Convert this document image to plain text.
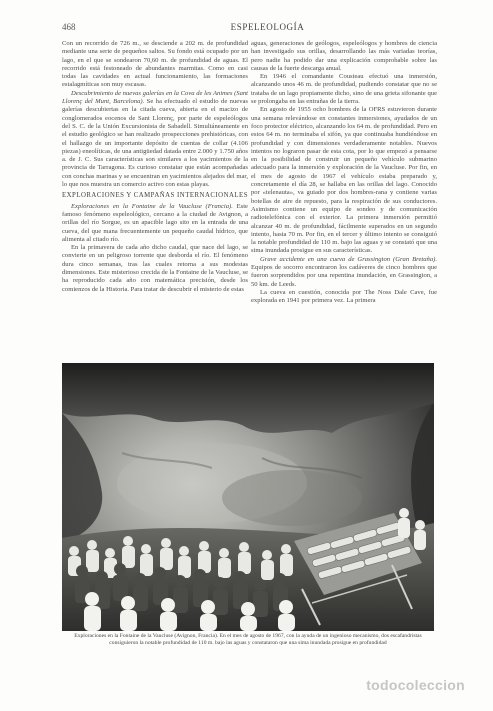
468	ESPELEOLOGÍA

Con un recorrido de 726 m., se desciende a 202 m. de profundidad mediante una serie de pequeños saltos. Su fondo está ocupado por un lago, en el que se sondearon 70,60 m. de profundidad de aguas. El recorrido está festoneado de abundantes marmitas. Como en casi todas las cavidades en actual funcionamiento, las formaciones estalagmíticas son muy escasas.

Descubrimiento de nuevas galerías en la Cova de les Animes (Sant Llorenç del Munt, Barcelona). Se ha efectuado el estudio de nuevas galerías descubiertas en la citada cueva, abierta en el macizo de conglomerados eocenos de Sant Llorenç, por parte de espeleólogos del S. C. de la Unión Excursionista de Sabadell. Simultáneamente en el estudio geológico se han realizado prospecciones prehistóricas, con el hallazgo de un importante depósito de cuentas de collar (4.106 piezas) eneolíticas, de una antigüedad datada entre 2.000 y 1.750 años a. de J. C. Sus características son similares a los yacimientos de la provincia de Tarragona. Es curioso constatar que están acompañadas con conchas marinas y se encuentran en yacimientos alejados del mar, lo que nos muestra un comercio activo con estas playas.

EXPLORACIONES Y CAMPAÑAS INTERNACIONALES

Exploraciones en la Fontaine de la Vaucluse (Francia). Este famoso fenómeno espeleológico, cercano a la ciudad de Avignon, a orillas del río Sorgue, es un apacible lago sito en la entrada de una cueva, del que mana frecuentemente un pequeño caudal hídrico, que alimenta al citado río.

En la primavera de cada año dicho caudal, que nace del lago, se convierte en un peligroso torrente que desborda el río. El fenómeno dura cinco semanas, tras las cuales retorna a sus modestas dimensiones. Este misterioso crecida de la Fontaine de la Vaucluse, se ha reproducido cada año con matemática precisión, desde los comienzos de la Historia. Para tratar de descubrir el misterio de estas

aguas, generaciones de geólogos, espeleólogos y hombres de ciencia han investigado sus orillas, desarrollando las más variadas teorías, pero nadie ha podido dar una explicación comprobable sobre las causas de la fuerte descarga anual.

En 1946 el comandante Cousteau efectuó una inmersión, alcanzando unos 46 m. de profundidad, pudiendo constatar que no se trataba de un lago propiamente dicho, sino de una grieta sifonante que se prolongaba en las entrañas de la tierra.

En agosto de 1955 ocho hombres de la OFRS estuvieron durante una semana relevándose en constantes inmersiones, ayudados de un foco protector eléctrico, alcanzando los 64 m. de profundidad. Pero en estos 64 m. no terminaba el sifón, ya que continuaba hundiéndose en profundidad y con dimensiones verdaderamente notables. Nuevos intentos no lograron pasar de esta cota, por lo que empezó a pensarse en la posibilidad de construir un pequeño vehículo submarino adecuado para la inmersión y exploración de la Vaucluse. Por fin, en el mes de agosto de 1967 el vehículo estaba preparado y, concretamente el día 28, se hallaba en las orillas del lago. Conocido por «telenauta», va guiado por dos hombres-rana y contiene varias botellas de aire de repuesto, para la respiración de sus conductores. Asimismo contiene un equipo de sondeo y de comunicación radiotelefónica con el exterior. La primera inmersión permitió alcanzar 40 m. de profundidad, fácilmente superados en un segundo intento, hasta 70 m. Por fin, en el tercer y último intento se consiguió la notable profundidad de 110 m. bajo las aguas y se constató que una sima inundada prosigue en sus características.

Grave accidente en una cueva de Grassington (Gran Bretaña). Equipos de socorro encontraron los cadáveres de cinco hombres que fueron sorprendidos por una repentina inundación, en Grassington, a 50 km. de Leeds.

La cueva en cuestión, conocida por The Noss Dale Cave, fue explorada en 1941 por primera vez. La primera

Exploraciones en la Fontaine de la Vaucluse (Avignon, Francia). En el mes de agosto de 1967, con la ayuda de un ingenioso mecanismo, dos escafandristas consiguieron la notable profundidad de 110 m. bajo las aguas y constataron que una sima inundada prosigue en profundidad
todocoleccion
